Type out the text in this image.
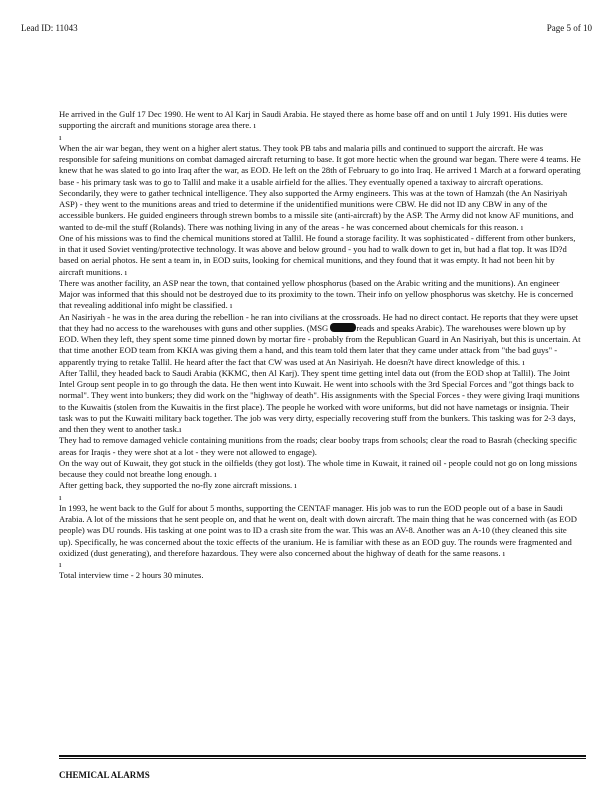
Lead ID: 11043	Page 5 of 10

He arrived in the Gulf 17 Dec 1990. He went to Al Karj in Saudi Arabia. He stayed there as home base off and on until 1 July 1991. His duties were supporting the aircraft and munitions storage area there. ı

ı

When the air war began, they went on a higher alert status. They took PB tabs and malaria pills and continued to support the aircraft. He was responsible for safeing munitions on combat damaged aircraft returning to base. It got more hectic when the ground war began. There were 4 teams. He knew that he was slated to go into Iraq after the war, as EOD. He left on the 28th of February to go into Iraq. He arrived 1 March at a forward operating base - his primary task was to go to Tallil and make it a usable airfield for the allies. They eventually opened a taxiway to aircraft operations. Secondarily, they were to gather technical intelligence. They also supported the Army engineers. This was at the town of Hamzah (the An Nasiriyah ASP) - they went to the munitions areas and tried to determine if the unidentified munitions were CBW. He did not ID any CBW in any of the accessible bunkers. He guided engineers through strewn bombs to a missile site (anti-aircraft) by the ASP. The Army did not know AF munitions, and wanted to de-mil the stuff (Rolands). There was nothing living in any of the areas - he was concerned about chemicals for this reason. ı

One of his missions was to find the chemical munitions stored at Tallil. He found a storage facility. It was sophisticated - different from other bunkers, in that it used Soviet venting/protective technology. It was above and below ground - you had to walk down to get in, but had a flat top. It was ID?d based on aerial photos. He sent a team in, in EOD suits, looking for chemical munitions, and they found that it was empty. It had not been hit by aircraft munitions. ı

There was another facility, an ASP near the town, that contained yellow phosphorus (based on the Arabic writing and the munitions). An engineer Major was informed that this should not be destroyed due to its proximity to the town. Their info on yellow phosphorus was sketchy. He is concerned that revealing additional info might be classified. ı

An Nasiriyah - he was in the area during the rebellion - he ran into civilians at the crossroads. He had no direct contact. He reports that they were upset that they had no access to the warehouses with guns and other supplies. (MSG	reads and speaks Arabic). The warehouses were blown up by EOD. When they left, they spent some time pinned down by mortar fire - probably from the Republican Guard in An Nasiriyah, but this is uncertain. At that time another EOD team from KKIA was giving them a hand, and this team told them later that they came under attack from "the bad guys" - apparently trying to retake Tallil. He heard after the fact that CW was used at An Nasiriyah. He doesn?t have direct knowledge of this. ı

After Tallil, they headed back to Saudi Arabia (KKMC, then Al Karj). They spent time getting intel data out (from the EOD shop at Tallil). The Joint Intel Group sent people in to go through the data. He then went into Kuwait. He went into schools with the 3rd Special Forces and "got things back to normal". They went into bunkers; they did work on the "highway of death". His assignments with the Special Forces - they were giving Iraqi munitions to the Kuwaitis (stolen from the Kuwaitis in the first place). The people he worked with wore uniforms, but did not have nametags or insignia. Their task was to put the Kuwaiti military back together. The job was very dirty, especially recovering stuff from the bunkers. This tasking was for 2-3 days, and then they went to another task.ı

They had to remove damaged vehicle containing munitions from the roads; clear booby traps from schools; clear the road to Basrah (checking specific areas for Iraqis - they were shot at a lot - they were not allowed to engage).

On the way out of Kuwait, they got stuck in the oilfields (they got lost). The whole time in Kuwait, it rained oil - people could not go on long missions because they could not breathe long enough. ı

After getting back, they supported the no-fly zone aircraft missions. ı

ı

In 1993, he went back to the Gulf for about 5 months, supporting the CENTAF manager. His job was to run the EOD people out of a base in Saudi Arabia. A lot of the missions that he sent people on, and that he went on, dealt with down aircraft. The main thing that he was concerned with (as EOD people) was DU rounds. His tasking at one point was to ID a crash site from the war. This was an AV-8. Another was an A-10 (they cleaned this site up). Specifically, he was concerned about the toxic effects of the uranium. He is familiar with these as an EOD guy. The rounds were fragmented and oxidized (dust generating), and therefore hazardous. They were also concerned about the highway of death for the same reasons. ı

ı

Total interview time - 2 hours 30 minutes.

CHEMICAL ALARMS
